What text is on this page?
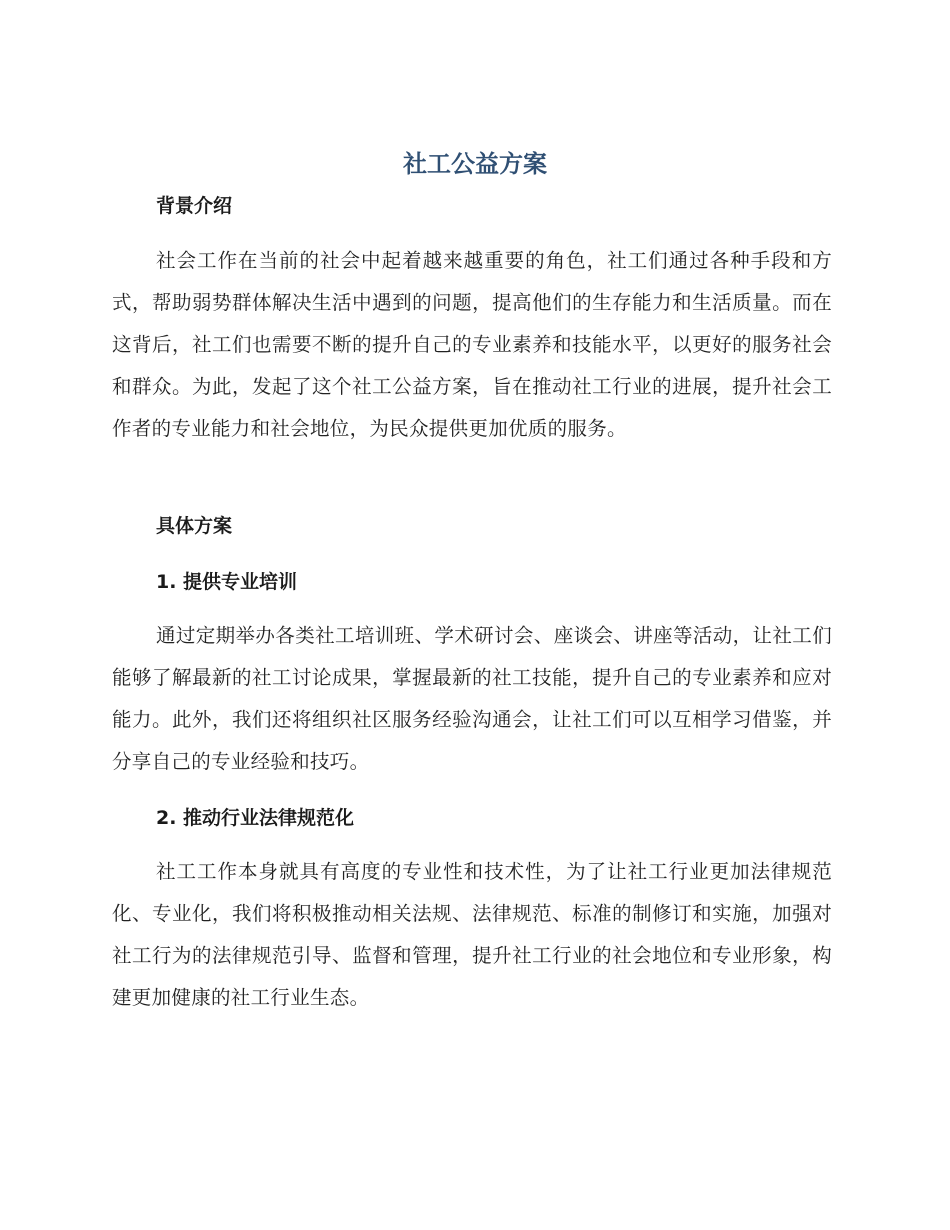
社工公益方案
背景介绍
社会工作在当前的社会中起着越来越重要的角色，社工们通过各种手段和方式，帮助弱势群体解决生活中遇到的问题，提高他们的生存能力和生活质量。而在这背后，社工们也需要不断的提升自己的专业素养和技能水平，以更好的服务社会和群众。为此，发起了这个社工公益方案，旨在推动社工行业的进展，提升社会工作者的专业能力和社会地位，为民众提供更加优质的服务。
具体方案
1. 提供专业培训
通过定期举办各类社工培训班、学术研讨会、座谈会、讲座等活动，让社工们能够了解最新的社工讨论成果，掌握最新的社工技能，提升自己的专业素养和应对能力。此外，我们还将组织社区服务经验沟通会，让社工们可以互相学习借鉴，并分享自己的专业经验和技巧。
2. 推动行业法律规范化
社工工作本身就具有高度的专业性和技术性，为了让社工行业更加法律规范化、专业化，我们将积极推动相关法规、法律规范、标准的制修订和实施，加强对社工行为的法律规范引导、监督和管理，提升社工行业的社会地位和专业形象，构建更加健康的社工行业生态。
